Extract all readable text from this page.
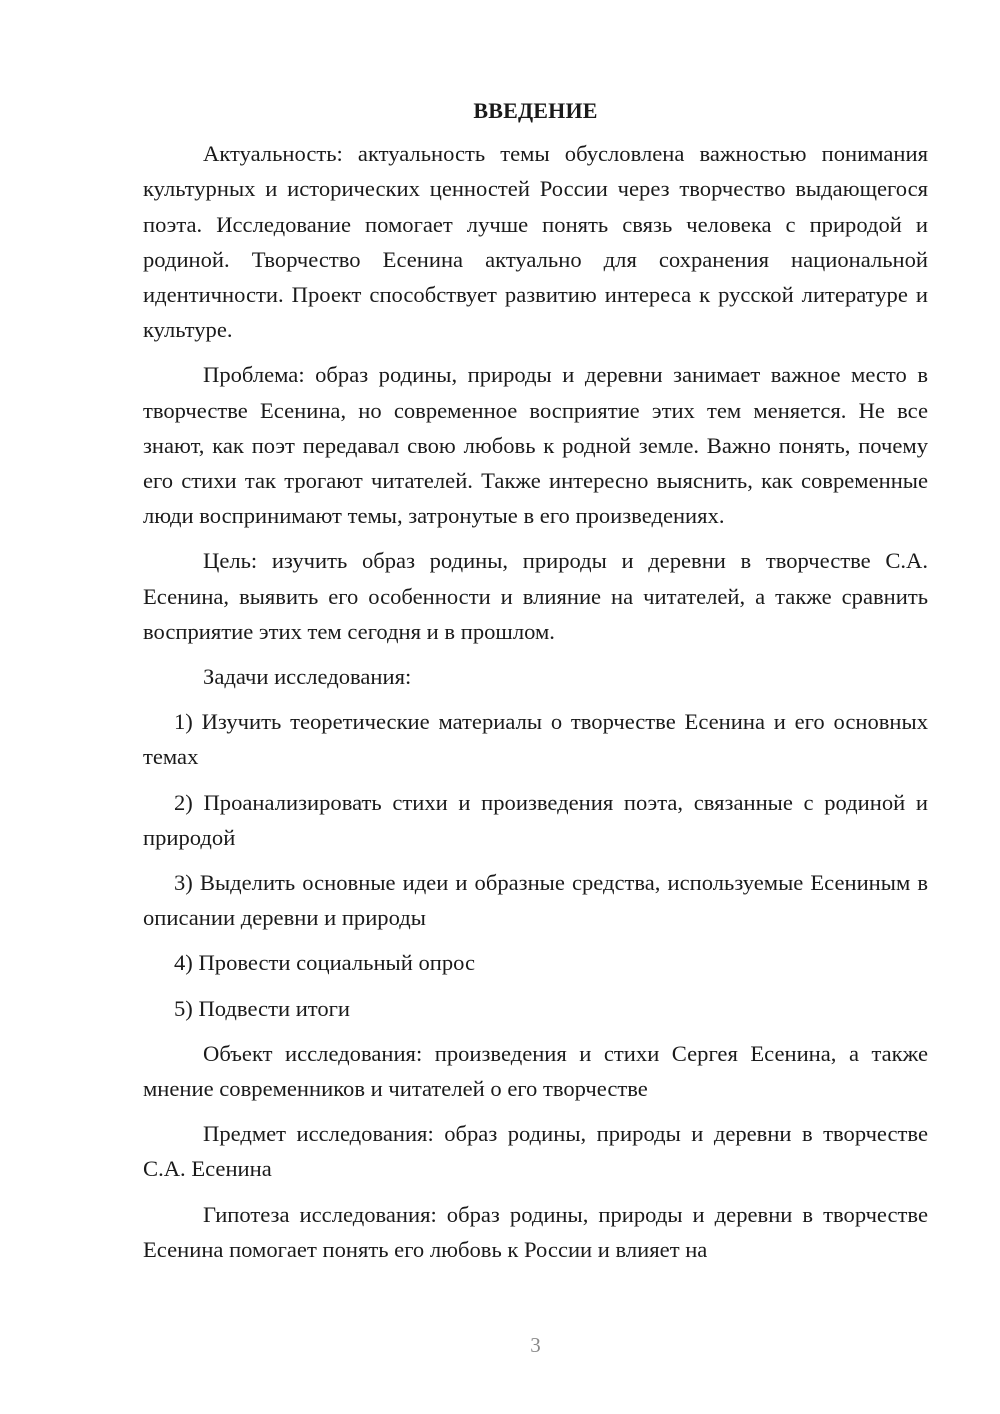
ВВЕДЕНИЕ

Актуальность: актуальность темы обусловлена важностью понимания культурных и исторических ценностей России через творчество выдающегося поэта. Исследование помогает лучше понять связь человека с природой и родиной. Творчество Есенина актуально для сохранения национальной идентичности. Проект способствует развитию интереса к русской литературе и культуре.

Проблема: образ родины, природы и деревни занимает важное место в творчестве Есенина, но современное восприятие этих тем меняется. Не все знают, как поэт передавал свою любовь к родной земле. Важно понять, почему его стихи так трогают читателей. Также интересно выяснить, как современные люди воспринимают темы, затронутые в его произведениях.

Цель: изучить образ родины, природы и деревни в творчестве С.А. Есенина, выявить его особенности и влияние на читателей, а также сравнить восприятие этих тем сегодня и в прошлом.

Задачи исследования:

1) Изучить теоретические материалы о творчестве Есенина и его основных темах

2) Проанализировать стихи и произведения поэта, связанные с родиной и природой

3) Выделить основные идеи и образные средства, используемые Есениным в описании деревни и природы

4) Провести социальный опрос

5) Подвести итоги

Объект исследования: произведения и стихи Сергея Есенина, а также мнение современников и читателей о его творчестве

Предмет исследования: образ родины, природы и деревни в творчестве С.А. Есенина

Гипотеза исследования: образ родины, природы и деревни в творчестве Есенина помогает понять его любовь к России и влияет на

3
